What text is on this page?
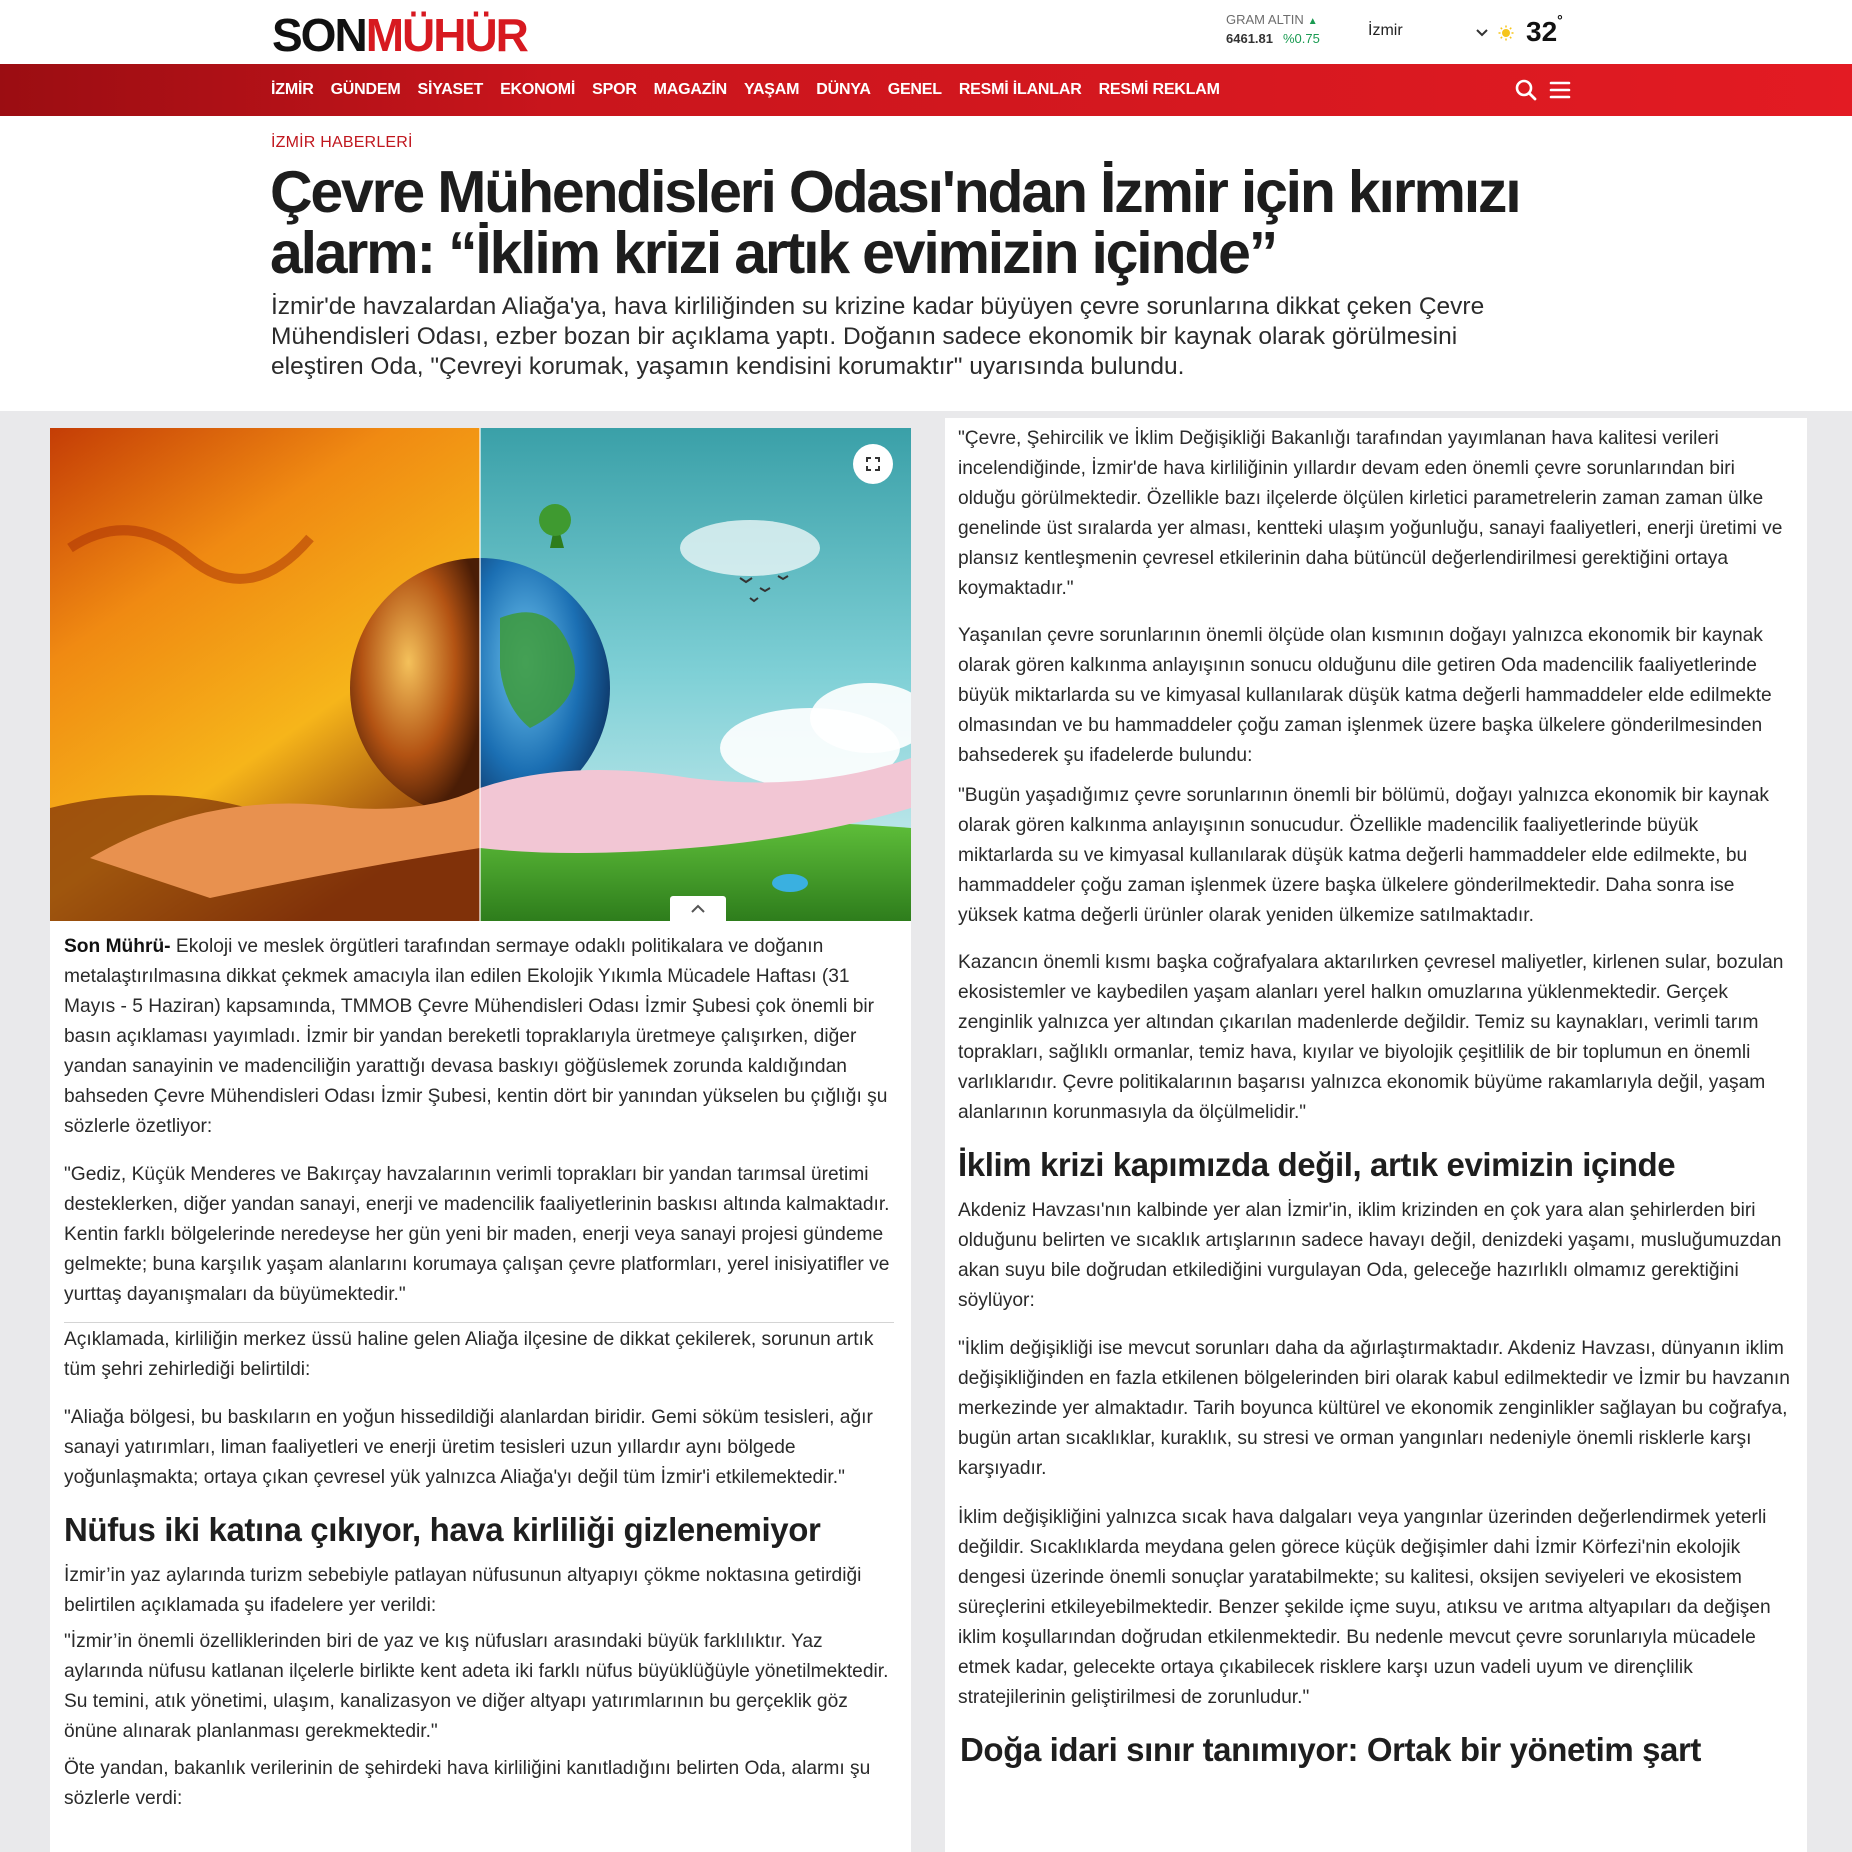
SONMÜHÜR	GRAM ALTIN ▲
6461.81 %0.75	İzmir	32°
İZMİR GÜNDEM SİYASET EKONOMİ SPOR MAGAZİN YAŞAM DÜNYA GENEL RESMİ İLANLAR RESMİ REKLAM
İZMİR HABERLERİ
Çevre Mühendisleri Odası'ndan İzmir için kırmızı
alarm: “İklim krizi artık evimizin içinde”

İzmir'de havzalardan Aliağa'ya, hava kirliliğinden su krizine kadar büyüyen çevre sorunlarına dikkat çeken Çevre Mühendisleri Odası, ezber bozan bir açıklama yaptı. Doğanın sadece ekonomik bir kaynak olarak görülmesini eleştiren Oda, "Çevreyi korumak, yaşamın kendisini korumaktır" uyarısında bulundu.

Son Mührü- Ekoloji ve meslek örgütleri tarafından sermaye odaklı politikalara ve doğanın metalaştırılmasına dikkat çekmek amacıyla ilan edilen Ekolojik Yıkımla Mücadele Haftası (31 Mayıs - 5 Haziran) kapsamında, TMMOB Çevre Mühendisleri Odası İzmir Şubesi çok önemli bir basın açıklaması yayımladı. İzmir bir yandan bereketli topraklarıyla üretmeye çalışırken, diğer yandan sanayinin ve madenciliğin yarattığı devasa baskıyı göğüslemek zorunda kaldığından bahseden Çevre Mühendisleri Odası İzmir Şubesi, kentin dört bir yanından yükselen bu çığlığı şu sözlerle özetliyor:

"Gediz, Küçük Menderes ve Bakırçay havzalarının verimli toprakları bir yandan tarımsal üretimi desteklerken, diğer yandan sanayi, enerji ve madencilik faaliyetlerinin baskısı altında kalmaktadır. Kentin farklı bölgelerinde neredeyse her gün yeni bir maden, enerji veya sanayi projesi gündeme gelmekte; buna karşılık yaşam alanlarını korumaya çalışan çevre platformları, yerel inisiyatifler ve yurttaş dayanışmaları da büyümektedir."

Açıklamada, kirliliğin merkez üssü haline gelen Aliağa ilçesine de dikkat çekilerek, sorunun artık tüm şehri zehirlediği belirtildi:

"Aliağa bölgesi, bu baskıların en yoğun hissedildiği alanlardan biridir. Gemi söküm tesisleri, ağır sanayi yatırımları, liman faaliyetleri ve enerji üretim tesisleri uzun yıllardır aynı bölgede yoğunlaşmakta; ortaya çıkan çevresel yük yalnızca Aliağa'yı değil tüm İzmir'i etkilemektedir."

Nüfus iki katına çıkıyor, hava kirliliği gizlenemiyor

İzmir’in yaz aylarında turizm sebebiyle patlayan nüfusunun altyapıyı çökme noktasına getirdiği belirtilen açıklamada şu ifadelere yer verildi:

"İzmir’in önemli özelliklerinden biri de yaz ve kış nüfusları arasındaki büyük farklılıktır. Yaz aylarında nüfusu katlanan ilçelerle birlikte kent adeta iki farklı nüfus büyüklüğüyle yönetilmektedir. Su temini, atık yönetimi, ulaşım, kanalizasyon ve diğer altyapı yatırımlarının bu gerçeklik göz önüne alınarak planlanması gerekmektedir."

Öte yandan, bakanlık verilerinin de şehirdeki hava kirliliğini kanıtladığını belirten Oda, alarmı şu sözlerle verdi:

"Çevre, Şehircilik ve İklim Değişikliği Bakanlığı tarafından yayımlanan hava kalitesi verileri incelendiğinde, İzmir'de hava kirliliğinin yıllardır devam eden önemli çevre sorunlarından biri olduğu görülmektedir. Özellikle bazı ilçelerde ölçülen kirletici parametrelerin zaman zaman ülke genelinde üst sıralarda yer alması, kentteki ulaşım yoğunluğu, sanayi faaliyetleri, enerji üretimi ve plansız kentleşmenin çevresel etkilerinin daha bütüncül değerlendirilmesi gerektiğini ortaya koymaktadır."

Yaşanılan çevre sorunlarının önemli ölçüde olan kısmının doğayı yalnızca ekonomik bir kaynak olarak gören kalkınma anlayışının sonucu olduğunu dile getiren Oda madencilik faaliyetlerinde büyük miktarlarda su ve kimyasal kullanılarak düşük katma değerli hammaddeler elde edilmekte olmasından ve bu hammaddeler çoğu zaman işlenmek üzere başka ülkelere gönderilmesinden bahsederek şu ifadelerde bulundu:

"Bugün yaşadığımız çevre sorunlarının önemli bir bölümü, doğayı yalnızca ekonomik bir kaynak olarak gören kalkınma anlayışının sonucudur. Özellikle madencilik faaliyetlerinde büyük miktarlarda su ve kimyasal kullanılarak düşük katma değerli hammaddeler elde edilmekte, bu hammaddeler çoğu zaman işlenmek üzere başka ülkelere gönderilmektedir. Daha sonra ise yüksek katma değerli ürünler olarak yeniden ülkemize satılmaktadır.

Kazancın önemli kısmı başka coğrafyalara aktarılırken çevresel maliyetler, kirlenen sular, bozulan ekosistemler ve kaybedilen yaşam alanları yerel halkın omuzlarına yüklenmektedir. Gerçek zenginlik yalnızca yer altından çıkarılan madenlerde değildir. Temiz su kaynakları, verimli tarım toprakları, sağlıklı ormanlar, temiz hava, kıyılar ve biyolojik çeşitlilik de bir toplumun en önemli varlıklarıdır. Çevre politikalarının başarısı yalnızca ekonomik büyüme rakamlarıyla değil, yaşam alanlarının korunmasıyla da ölçülmelidir."

İklim krizi kapımızda değil, artık evimizin içinde

Akdeniz Havzası'nın kalbinde yer alan İzmir'in, iklim krizinden en çok yara alan şehirlerden biri olduğunu belirten ve sıcaklık artışlarının sadece havayı değil, denizdeki yaşamı, musluğumuzdan akan suyu bile doğrudan etkilediğini vurgulayan Oda, geleceğe hazırlıklı olmamız gerektiğini söylüyor:

"İklim değişikliği ise mevcut sorunları daha da ağırlaştırmaktadır. Akdeniz Havzası, dünyanın iklim değişikliğinden en fazla etkilenen bölgelerinden biri olarak kabul edilmektedir ve İzmir bu havzanın merkezinde yer almaktadır. Tarih boyunca kültürel ve ekonomik zenginlikler sağlayan bu coğrafya, bugün artan sıcaklıklar, kuraklık, su stresi ve orman yangınları nedeniyle önemli risklerle karşı karşıyadır.

İklim değişikliğini yalnızca sıcak hava dalgaları veya yangınlar üzerinden değerlendirmek yeterli değildir. Sıcaklıklarda meydana gelen görece küçük değişimler dahi İzmir Körfezi'nin ekolojik dengesi üzerinde önemli sonuçlar yaratabilmekte; su kalitesi, oksijen seviyeleri ve ekosistem süreçlerini etkileyebilmektedir. Benzer şekilde içme suyu, atıksu ve arıtma altyapıları da değişen iklim koşullarından doğrudan etkilenmektedir. Bu nedenle mevcut çevre sorunlarıyla mücadele etmek kadar, gelecekte ortaya çıkabilecek risklere karşı uzun vadeli uyum ve dirençlilik stratejilerinin geliştirilmesi de zorunludur."

Doğa idari sınır tanımıyor: Ortak bir yönetim şart
